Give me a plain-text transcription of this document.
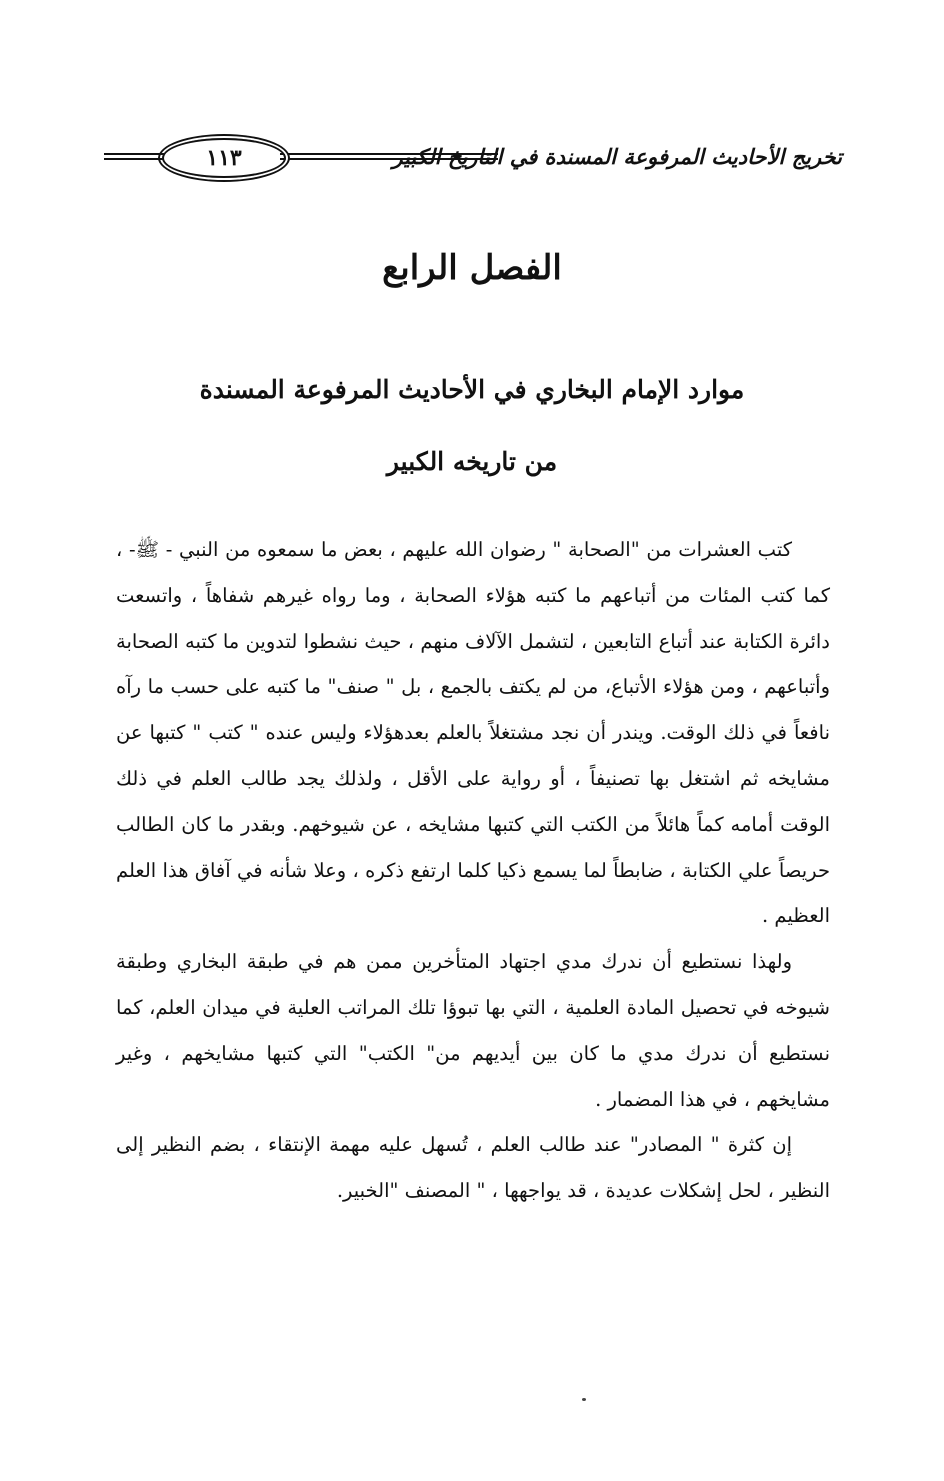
تخريج الأحاديث المرفوعة المسندة في التاريخ الكبير
١١٣
الفصل الرابع
موارد الإمام البخاري في الأحاديث المرفوعة المسندة
من تاريخه الكبير

كتب العشرات من "الصحابة " رضوان الله عليهم ، بعض ما سمعوه من النبي - ﷺ- ، كما كتب المئات من أتباعهم ما كتبه هؤلاء الصحابة ، وما رواه غيرهم شفاهاً ، واتسعت دائرة الكتابة عند أتباع التابعين ، لتشمل الآلاف منهم ، حيث نشطوا لتدوين ما كتبه الصحابة وأتباعهم ، ومن هؤلاء الأتباع، من لم يكتف بالجمع ، بل " صنف" ما كتبه على حسب ما رآه نافعاً في ذلك الوقت. ويندر أن نجد مشتغلاً بالعلم بعدهؤلاء وليس عنده " كتب " كتبها عن مشايخه ثم اشتغل بها تصنيفاً ، أو رواية على الأقل ، ولذلك يجد طالب العلم في ذلك الوقت أمامه كماً هائلاً من الكتب التي كتبها مشايخه ، عن شيوخهم. وبقدر ما كان الطالب حريصاً علي الكتابة ، ضابطاً لما يسمع ذكيا كلما ارتفع ذكره ، وعلا شأنه في آفاق هذا العلم العظيم .

ولهذا نستطيع أن ندرك مدي اجتهاد المتأخرين ممن هم في طبقة البخاري وطبقة شيوخه في تحصيل المادة العلمية ، التي بها تبوؤا تلك المراتب العلية في ميدان العلم، كما نستطيع أن ندرك مدي ما كان بين أيديهم من" الكتب" التي كتبها مشايخهم ، وغير مشايخهم ، في هذا المضمار .

إن كثرة " المصادر" عند طالب العلم ، تُسهل عليه مهمة الإنتقاء ، بضم النظير إلى النظير ، لحل إشكلات عديدة ، قد يواجهها ، " المصنف "الخبير.
